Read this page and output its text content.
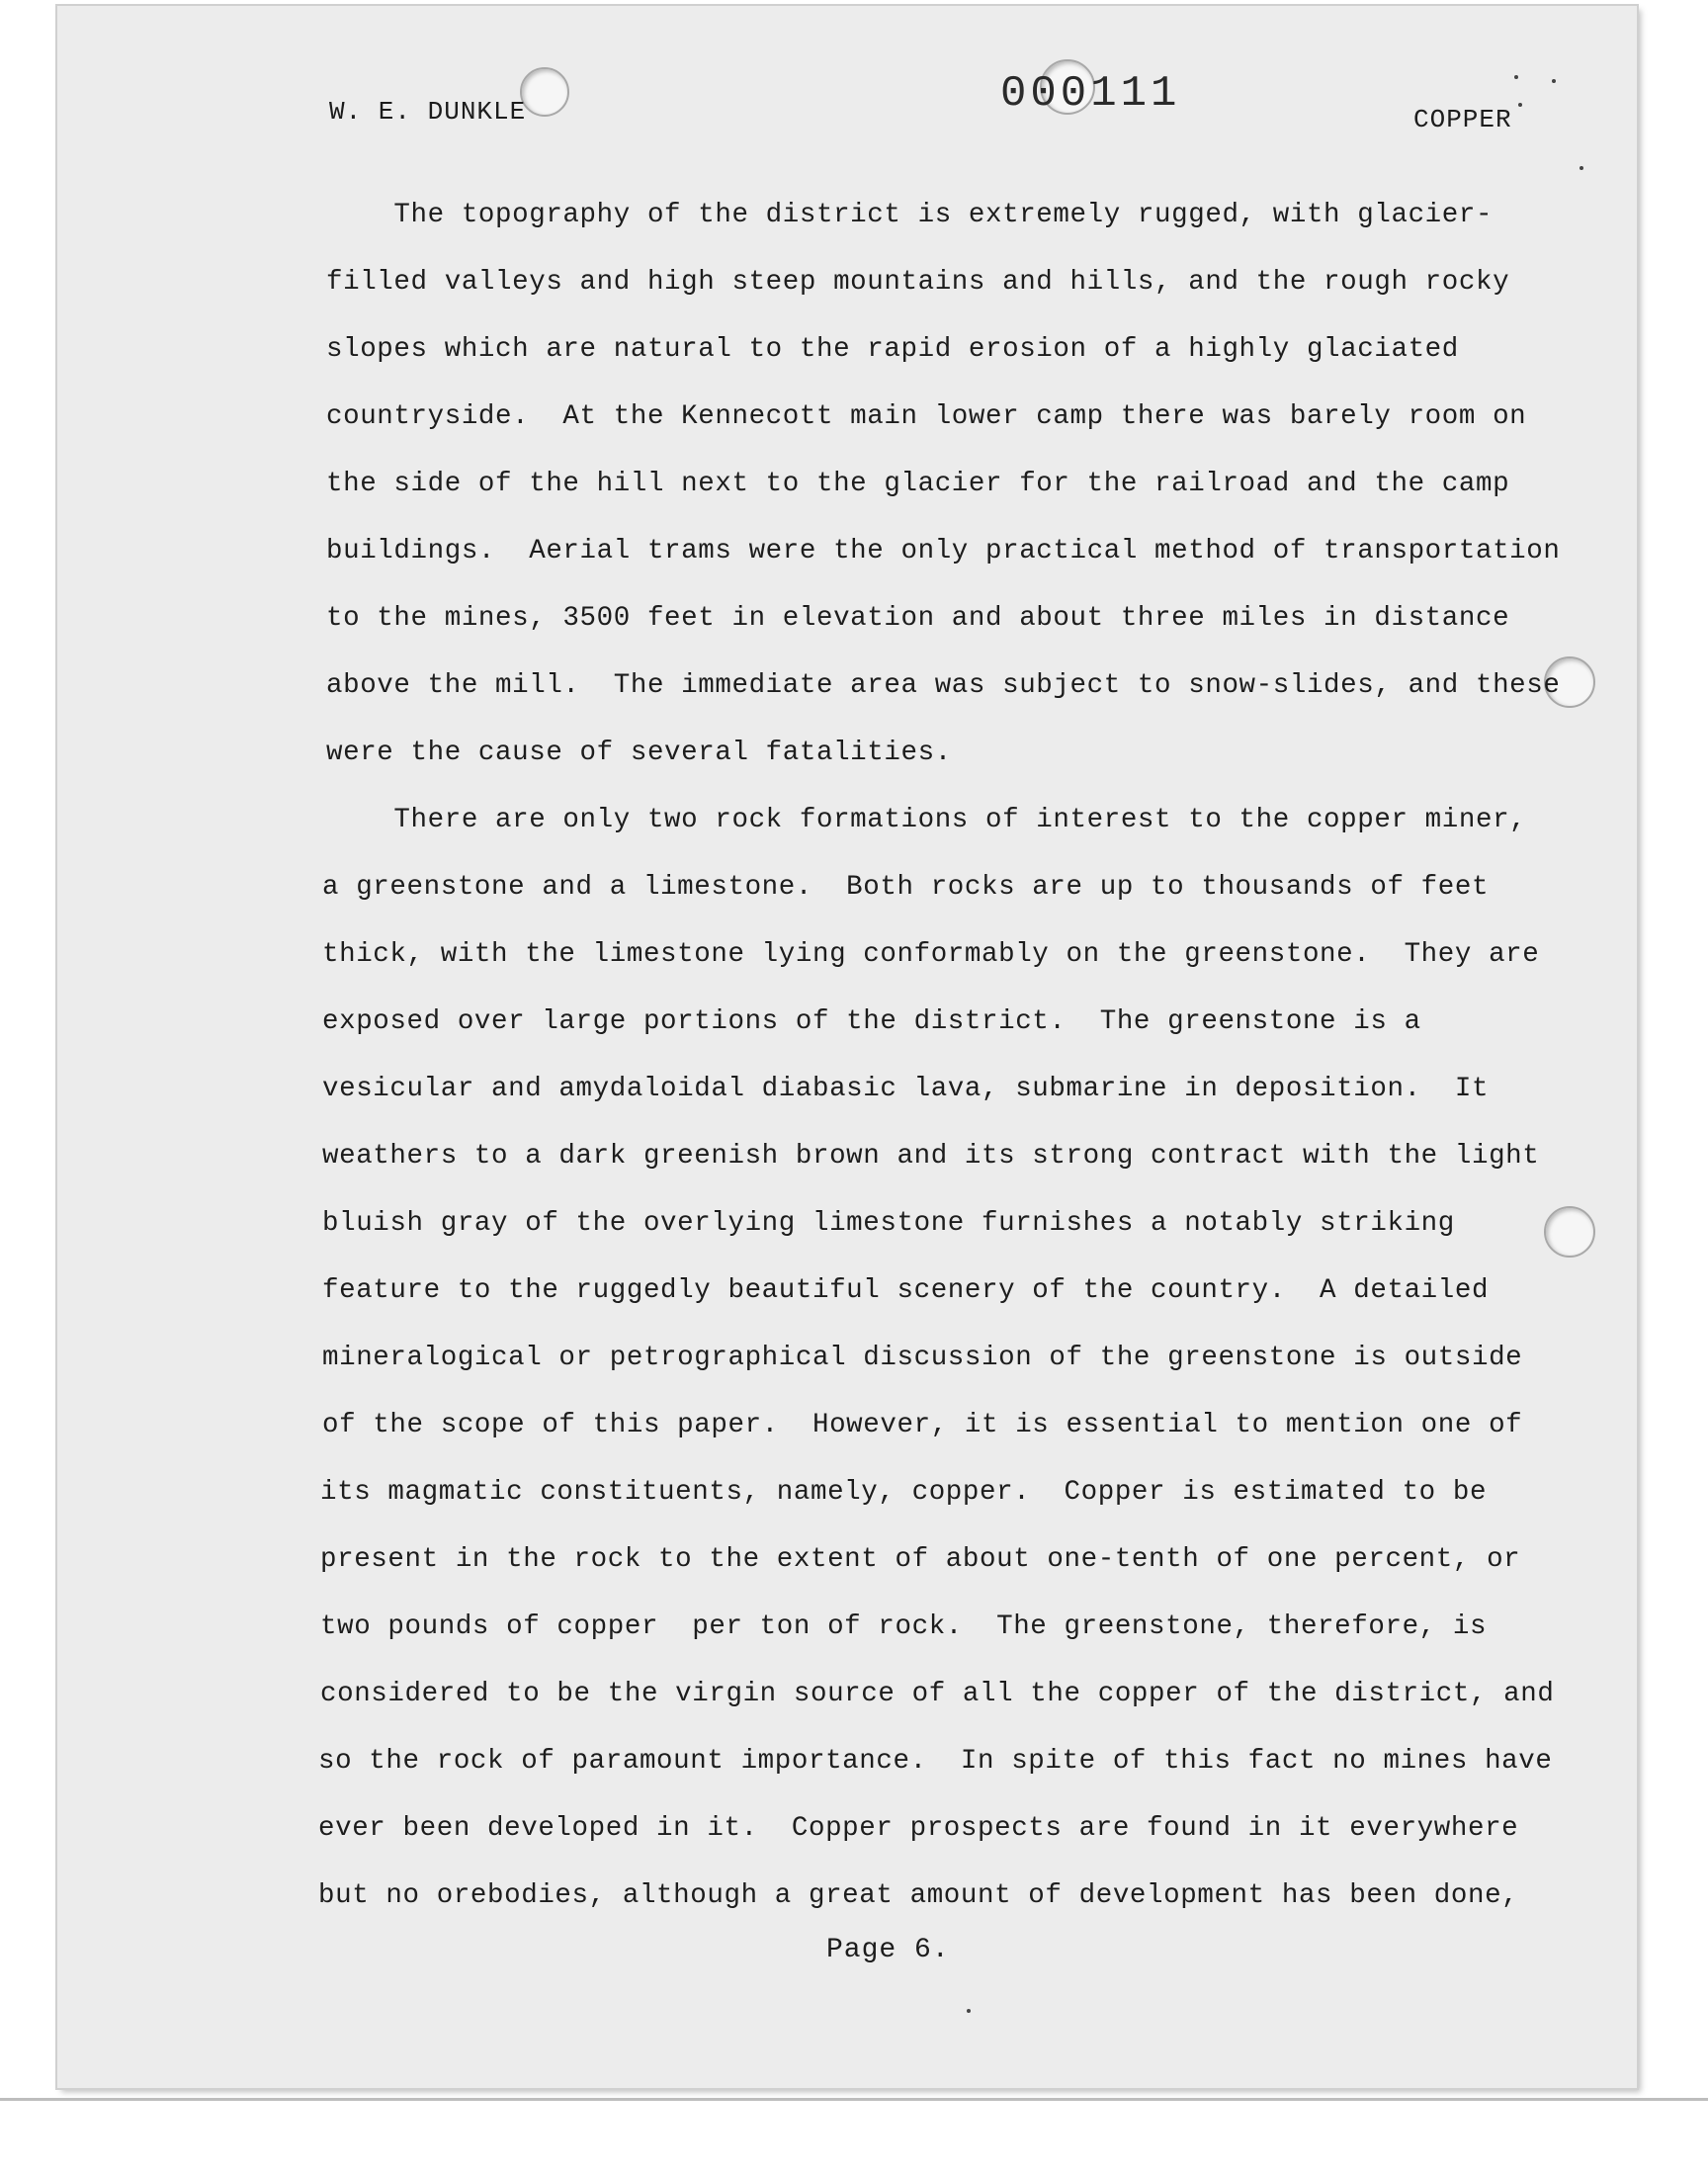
W. E. DUNKLE	000111
COPPER
The topography of the district is extremely rugged, with glacier-
filled valleys and high steep mountains and hills, and the rough rocky
slopes which are natural to the rapid erosion of a highly glaciated
countryside.  At the Kennecott main lower camp there was barely room on
the side of the hill next to the glacier for the railroad and the camp
buildings.  Aerial trams were the only practical method of transportation
to the mines, 3500 feet in elevation and about three miles in distance
above the mill.  The immediate area was subject to snow-slides, and these
were the cause of several fatalities.
There are only two rock formations of interest to the copper miner,
a greenstone and a limestone.  Both rocks are up to thousands of feet
thick, with the limestone lying conformably on the greenstone.  They are
exposed over large portions of the district.  The greenstone is a
vesicular and amydaloidal diabasic lava, submarine in deposition.  It
weathers to a dark greenish brown and its strong contract with the light
bluish gray of the overlying limestone furnishes a notably striking
feature to the ruggedly beautiful scenery of the country.  A detailed
mineralogical or petrographical discussion of the greenstone is outside
of the scope of this paper.  However, it is essential to mention one of
its magmatic constituents, namely, copper.  Copper is estimated to be
present in the rock to the extent of about one-tenth of one percent, or
two pounds of copper  per ton of rock.  The greenstone, therefore, is
considered to be the virgin source of all the copper of the district, and
so the rock of paramount importance.  In spite of this fact no mines have
ever been developed in it.  Copper prospects are found in it everywhere
but no orebodies, although a great amount of development has been done,
Page 6.
